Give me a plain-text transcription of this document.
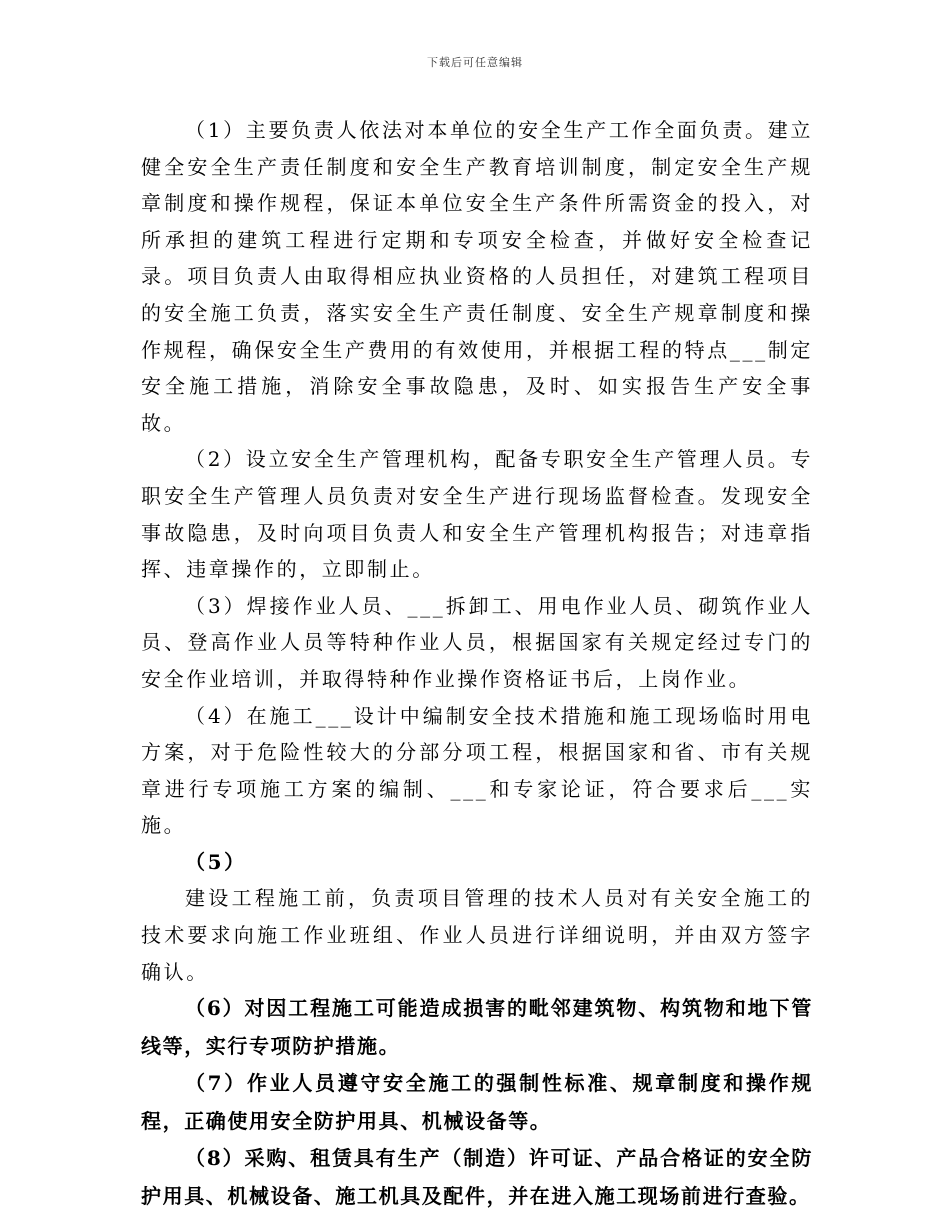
下载后可任意编辑

（1）主要负责人依法对本单位的安全生产工作全面负责。建立健全安全生产责任制度和安全生产教育培训制度，制定安全生产规章制度和操作规程，保证本单位安全生产条件所需资金的投入，对所承担的建筑工程进行定期和专项安全检查，并做好安全检查记录。项目负责人由取得相应执业资格的人员担任，对建筑工程项目的安全施工负责，落实安全生产责任制度、安全生产规章制度和操作规程，确保安全生产费用的有效使用，并根据工程的特点___制定安全施工措施，消除安全事故隐患，及时、如实报告生产安全事故。

（2）设立安全生产管理机构，配备专职安全生产管理人员。专职安全生产管理人员负责对安全生产进行现场监督检查。发现安全事故隐患，及时向项目负责人和安全生产管理机构报告；对违章指挥、违章操作的，立即制止。

（3）焊接作业人员、___拆卸工、用电作业人员、砌筑作业人员、登高作业人员等特种作业人员，根据国家有关规定经过专门的安全作业培训，并取得特种作业操作资格证书后，上岗作业。

（4）在施工___设计中编制安全技术措施和施工现场临时用电方案，对于危险性较大的分部分项工程，根据国家和省、市有关规章进行专项施工方案的编制、___和专家论证，符合要求后___实施。

（5）

建设工程施工前，负责项目管理的技术人员对有关安全施工的技术要求向施工作业班组、作业人员进行详细说明，并由双方签字确认。

（6）对因工程施工可能造成损害的毗邻建筑物、构筑物和地下管线等，实行专项防护措施。

（7）作业人员遵守安全施工的强制性标准、规章制度和操作规程，正确使用安全防护用具、机械设备等。

（8）采购、租赁具有生产（制造）许可证、产品合格证的安全防护用具、机械设备、施工机具及配件，并在进入施工现场前进行查验。
